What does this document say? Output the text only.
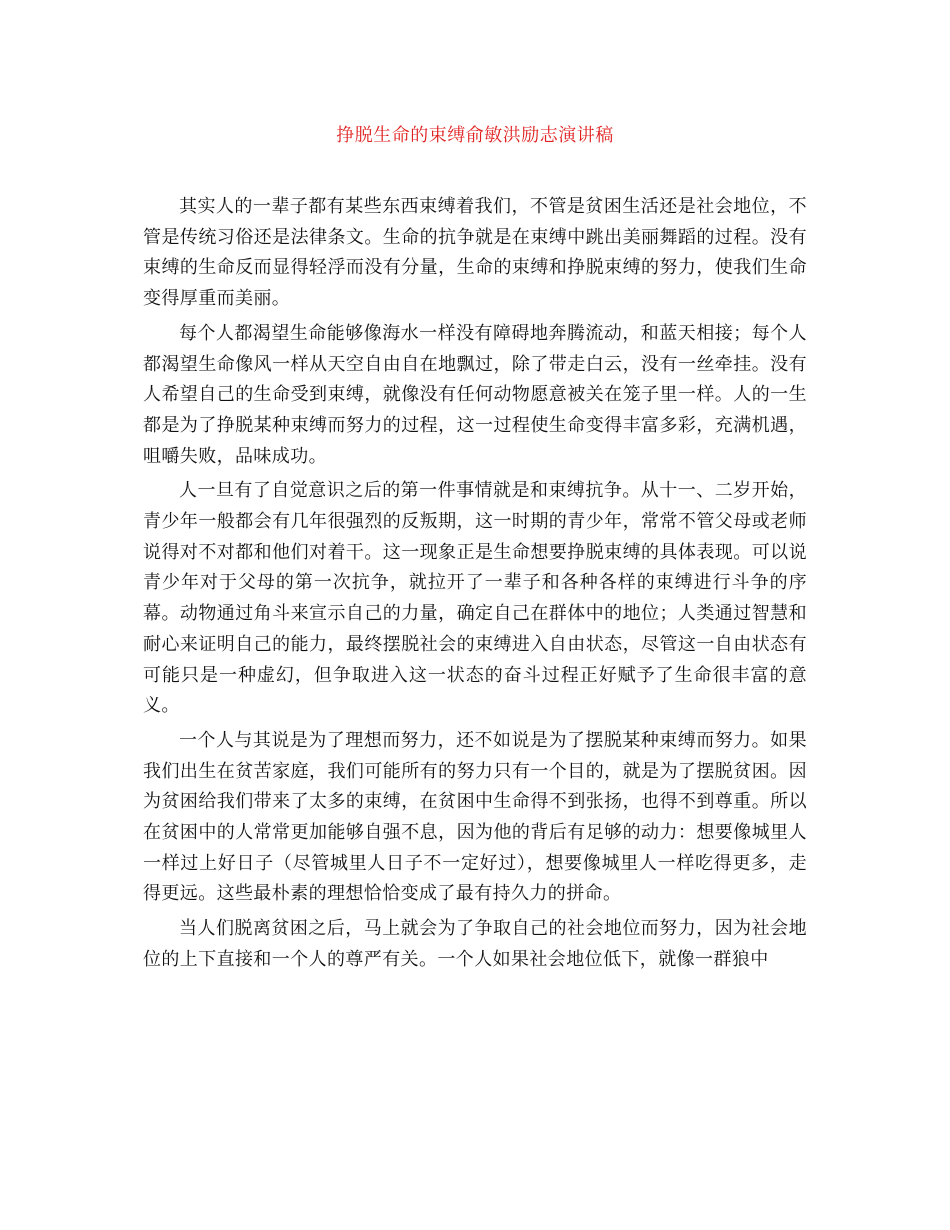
挣脱生命的束缚俞敏洪励志演讲稿

其实人的一辈子都有某些东西束缚着我们，不管是贫困生活还是社会地位，不管是传统习俗还是法律条文。生命的抗争就是在束缚中跳出美丽舞蹈的过程。没有束缚的生命反而显得轻浮而没有分量，生命的束缚和挣脱束缚的努力，使我们生命变得厚重而美丽。

每个人都渴望生命能够像海水一样没有障碍地奔腾流动，和蓝天相接；每个人都渴望生命像风一样从天空自由自在地飘过，除了带走白云，没有一丝牵挂。没有人希望自己的生命受到束缚，就像没有任何动物愿意被关在笼子里一样。人的一生都是为了挣脱某种束缚而努力的过程，这一过程使生命变得丰富多彩，充满机遇，咀嚼失败，品味成功。

人一旦有了自觉意识之后的第一件事情就是和束缚抗争。从十一、二岁开始，青少年一般都会有几年很强烈的反叛期，这一时期的青少年，常常不管父母或老师说得对不对都和他们对着干。这一现象正是生命想要挣脱束缚的具体表现。可以说青少年对于父母的第一次抗争，就拉开了一辈子和各种各样的束缚进行斗争的序幕。动物通过角斗来宣示自己的力量，确定自己在群体中的地位；人类通过智慧和耐心来证明自己的能力，最终摆脱社会的束缚进入自由状态，尽管这一自由状态有可能只是一种虚幻，但争取进入这一状态的奋斗过程正好赋予了生命很丰富的意义。

一个人与其说是为了理想而努力，还不如说是为了摆脱某种束缚而努力。如果我们出生在贫苦家庭，我们可能所有的努力只有一个目的，就是为了摆脱贫困。因为贫困给我们带来了太多的束缚，在贫困中生命得不到张扬，也得不到尊重。所以在贫困中的人常常更加能够自强不息，因为他的背后有足够的动力：想要像城里人一样过上好日子（尽管城里人日子不一定好过），想要像城里人一样吃得更多，走得更远。这些最朴素的理想恰恰变成了最有持久力的拼命。

当人们脱离贫困之后，马上就会为了争取自己的社会地位而努力，因为社会地位的上下直接和一个人的尊严有关。一个人如果社会地位低下，就像一群狼中
